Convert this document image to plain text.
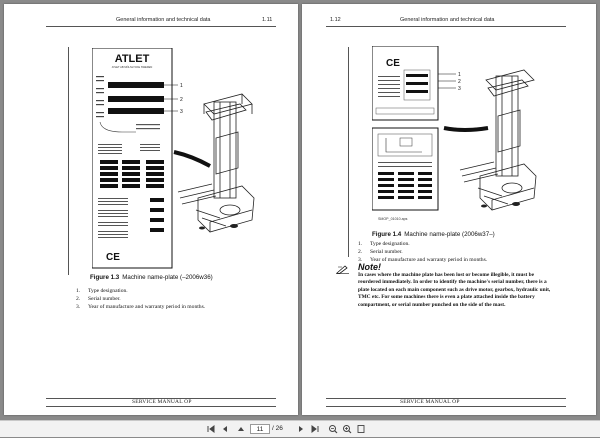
General information and technical data	1.11
ATLET
ATLET AB MÖLNLYCKE SWEDEN
CE
1
2
3
Figure 1.3 Machine name-plate (–2006w36)
1. Type designation.
2. Serial number.
3. Year of manufacture and warranty period in months.
SERVICE MANUAL OP
1.12	General information and technical data
CE
1
2
3
SMOP_01010.aps
Figure 1.4 Machine name-plate (2006w37–)
1. Type designation.
2. Serial number.
3. Year of manufacture and warranty period in months.
Note!
In cases where the machine plate has been lost or become illegible, it must be reordered immediately. In order to identify the machine's serial number, there is a plate located on each main component such as drive motor, gearbox, hydraulic unit, TMC etc. For some machines there is even a plate attached inside the battery compartment, or serial number punched on the side of the mast.
SERVICE MANUAL OP
11	/ 26
